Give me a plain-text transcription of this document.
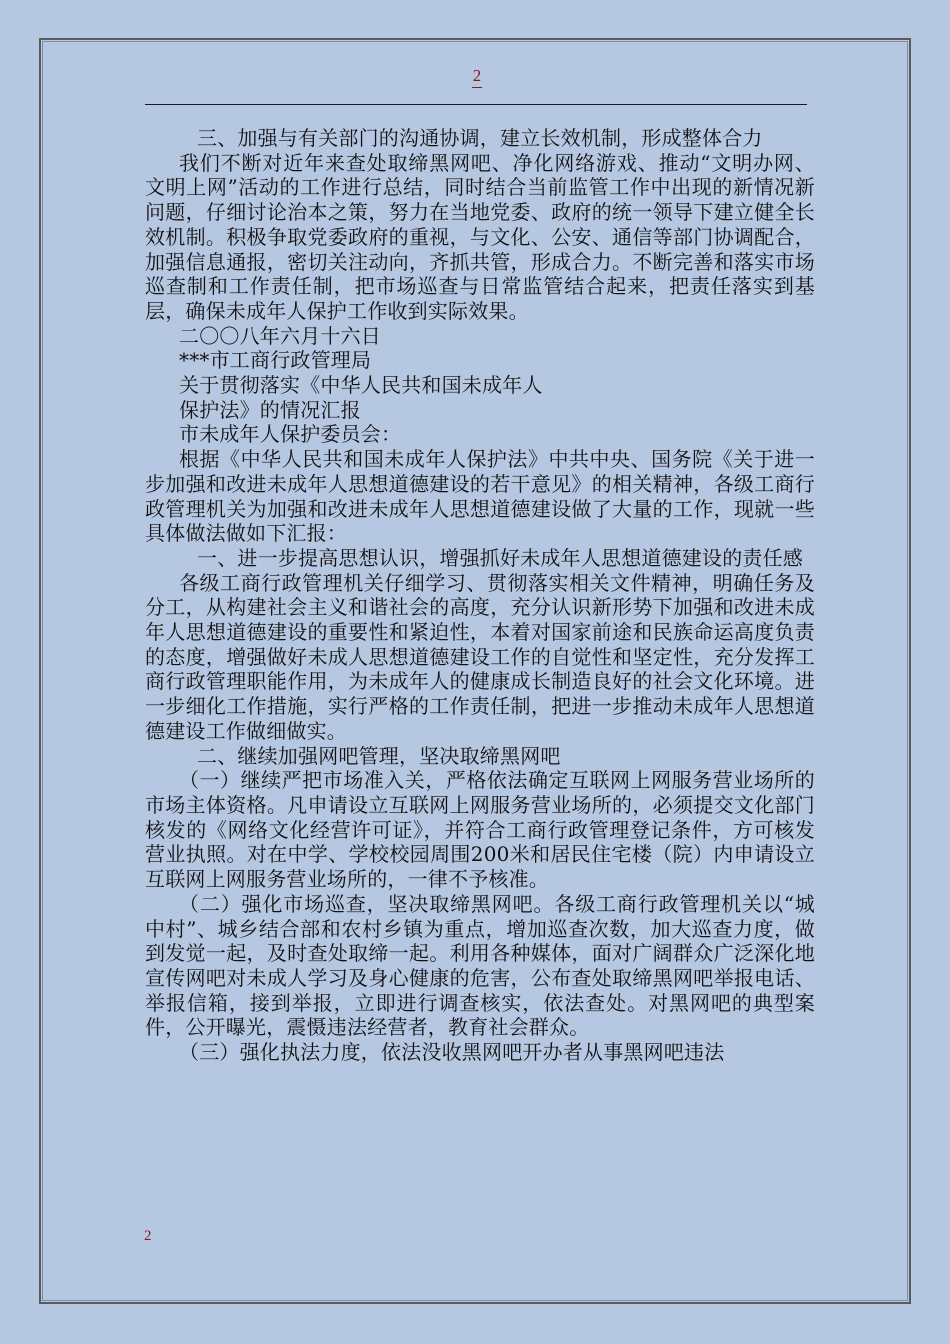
2

三、加强与有关部门的沟通协调，建立长效机制，形成整体合力

我们不断对近年来查处取缔黑网吧、净化网络游戏、推动“文明办网、文明上网”活动的工作进行总结，同时结合当前监管工作中出现的新情况新问题，仔细讨论治本之策，努力在当地党委、政府的统一领导下建立健全长效机制。积极争取党委政府的重视，与文化、公安、通信等部门协调配合，加强信息通报，密切关注动向，齐抓共管，形成合力。不断完善和落实市场巡查制和工作责任制，把市场巡查与日常监管结合起来，把责任落实到基层，确保未成年人保护工作收到实际效果。

二〇〇八年六月十六日

***市工商行政管理局

关于贯彻落实《中华人民共和国未成年人

保护法》的情况汇报

市未成年人保护委员会：

根据《中华人民共和国未成年人保护法》中共中央、国务院《关于进一步加强和改进未成年人思想道德建设的若干意见》的相关精神，各级工商行政管理机关为加强和改进未成年人思想道德建设做了大量的工作，现就一些具体做法做如下汇报：

一、进一步提高思想认识，增强抓好未成年人思想道德建设的责任感

各级工商行政管理机关仔细学习、贯彻落实相关文件精神，明确任务及分工，从构建社会主义和谐社会的高度，充分认识新形势下加强和改进未成年人思想道德建设的重要性和紧迫性，本着对国家前途和民族命运高度负责的态度，增强做好未成人思想道德建设工作的自觉性和坚定性，充分发挥工商行政管理职能作用，为未成年人的健康成长制造良好的社会文化环境。进一步细化工作措施，实行严格的工作责任制，把进一步推动未成年人思想道德建设工作做细做实。

二、继续加强网吧管理，坚决取缔黑网吧

（一）继续严把市场准入关，严格依法确定互联网上网服务营业场所的市场主体资格。凡申请设立互联网上网服务营业场所的，必须提交文化部门核发的《网络文化经营许可证》，并符合工商行政管理登记条件，方可核发营业执照。对在中学、学校校园周围200米和居民住宅楼（院）内申请设立互联网上网服务营业场所的，一律不予核准。

（二）强化市场巡查，坚决取缔黑网吧。各级工商行政管理机关以“城中村”、城乡结合部和农村乡镇为重点，增加巡查次数，加大巡查力度，做到发觉一起，及时查处取缔一起。利用各种媒体，面对广阔群众广泛深化地宣传网吧对未成人学习及身心健康的危害，公布查处取缔黑网吧举报电话、举报信箱，接到举报，立即进行调查核实，依法查处。对黑网吧的典型案件，公开曝光，震慑违法经营者，教育社会群众。

（三）强化执法力度，依法没收黑网吧开办者从事黑网吧违法

2
